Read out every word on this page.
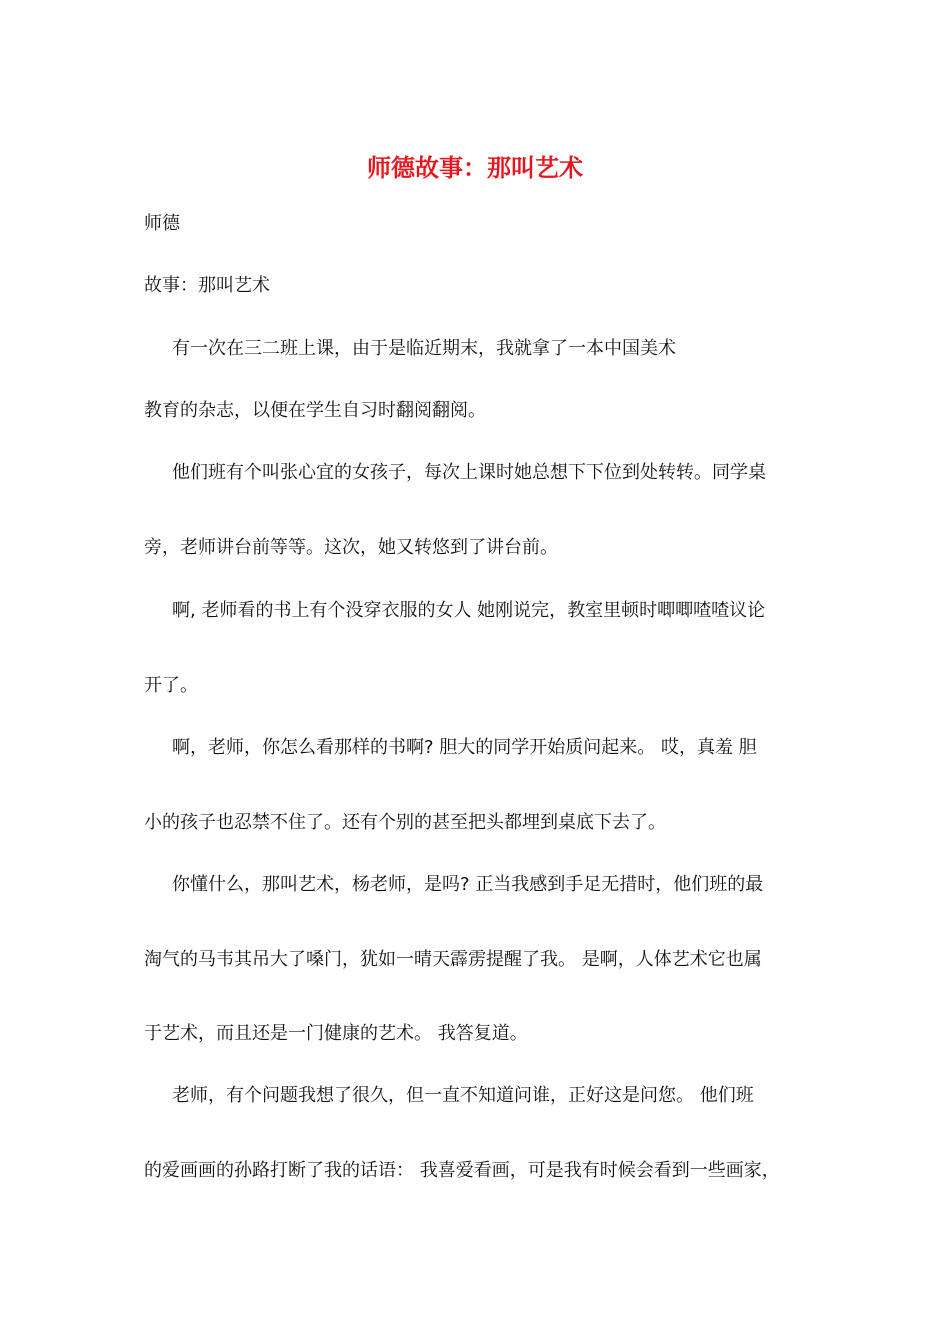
师德故事：那叫艺术

师德

故事：那叫艺术

有一次在三二班上课，由于是临近期末，我就拿了一本中国美术

教育的杂志，以便在学生自习时翻阅翻阅。

他们班有个叫张心宜的女孩子，每次上课时她总想下下位到处转转。同学桌

旁，老师讲台前等等。这次，她又转悠到了讲台前。

啊, 老师看的书上有个没穿衣服的女人 她刚说完，教室里顿时唧唧喳喳议论

开了。

啊，老师，你怎么看那样的书啊? 胆大的同学开始质问起来。 哎，真羞 胆

小的孩子也忍禁不住了。还有个别的甚至把头都埋到桌底下去了。

你懂什么，那叫艺术，杨老师，是吗? 正当我感到手足无措时，他们班的最

淘气的马韦其吊大了嗓门，犹如一晴天霹雳提醒了我。 是啊，人体艺术它也属

于艺术，而且还是一门健康的艺术。 我答复道。

老师，有个问题我想了很久，但一直不知道问谁，正好这是问您。 他们班

的爱画画的孙路打断了我的话语： 我喜爱看画，可是我有时候会看到一些画家，
